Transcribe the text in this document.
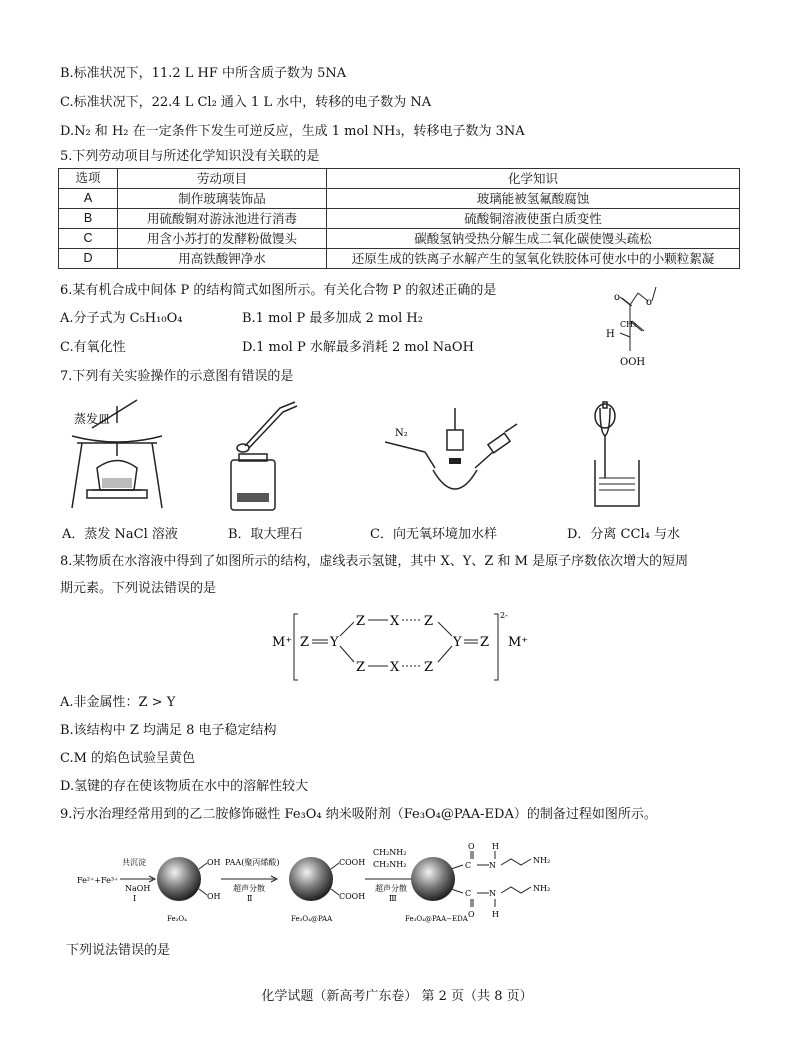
B.标准状况下，11.2 L HF 中所含质子数为 5NA
C.标准状况下，22.4 L Cl₂ 通入 1 L 水中，转移的电子数为 NA
D.N₂ 和 H₂ 在一定条件下发生可逆反应，生成 1 mol NH₃，转移电子数为 3NA
5.下列劳动项目与所述化学知识没有关联的是
选项	劳动项目	化学知识
A	制作玻璃装饰品	玻璃能被氢氟酸腐蚀
B	用硫酸铜对游泳池进行消毒	硫酸铜溶液使蛋白质变性
C	用含小苏打的发酵粉做馒头	碳酸氢钠受热分解生成二氧化碳使馒头疏松
D	用高铁酸钾净水	还原生成的铁离子水解产生的氢氧化铁胶体可使水中的小颗粒絮凝
6.某有机合成中间体 P 的结构简式如图所示。有关化合物 P 的叙述正确的是
A.分子式为 C₅H₁₀O₄	B.1 mol P 最多加成 2 mol H₂
C.有氧化性	D.1 mol P 水解最多消耗 2 mol NaOH
o	o
H
CH₃
OOH
7.下列有关实验操作的示意图有错误的是
蒸发皿
N₂
A．蒸发 NaCl 溶液	B．取大理石	C．向无氧环境加水样	D．分离 CCl₄ 与水
8.某物质在水溶液中得到了如图所示的结构，虚线表示氢键，其中 X、Y、Z 和 M 是原子序数依次增大的短周
期元素。下列说法错误的是
M⁺ Z Y
Z X Z
Z X Z
Y Z
2-
M⁺
A.非金属性：Z > Y
B.该结构中 Z 均满足 8 电子稳定结构
C.M 的焰色试验呈黄色
D.氢键的存在使该物质在水中的溶解性较大
9.污水治理经常用到的乙二胺修饰磁性 Fe₃O₄ 纳米吸附剂（Fe₃O₄@PAA-EDA）的制备过程如图所示。
Fe²⁺+Fe³⁺
共沉淀
NaOH
Ⅰ
PAA(聚丙烯酸)
超声分散
Ⅱ
CH₂NH₂
CH₂NH₂
超声分散
Ⅲ
OH
OH
COOH
COOH
C
C
O
O
N
N
H
H
NH₂
NH₂
Fe₃O₄	Fe₃O₄@PAA	Fe₃O₄@PAA−EDA
下列说法错误的是
化学试题（新高考广东卷） 第 2 页（共 8 页）
